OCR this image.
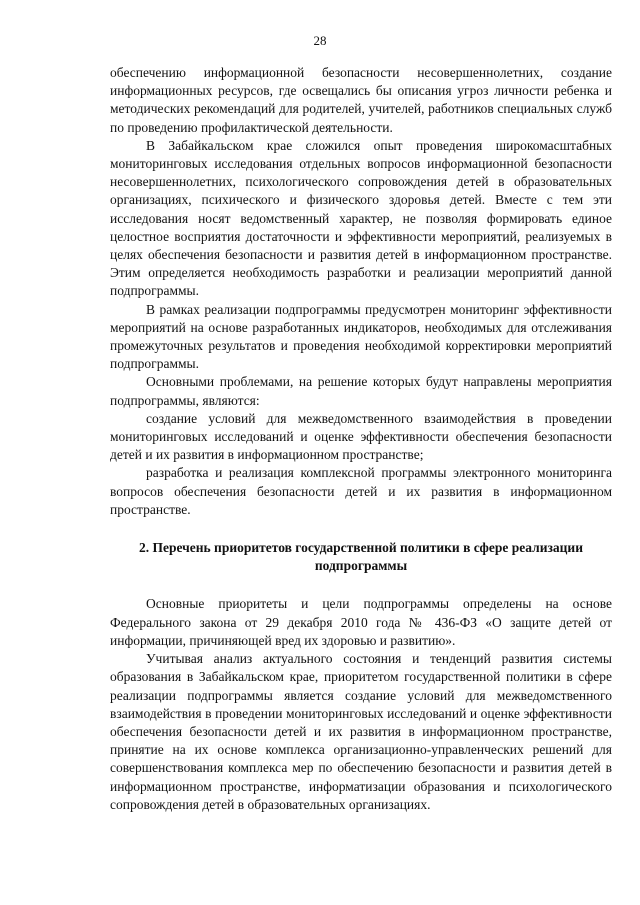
28

обеспечению информационной безопасности несовершеннолетних, создание информационных ресурсов, где освещались бы описания угроз личности ребенка и методических рекомендаций для родителей, учителей, работников специальных служб по проведению профилактической деятельности.

В Забайкальском крае сложился опыт проведения широкомасштабных мониторинговых исследования отдельных вопросов информационной безопасности несовершеннолетних, психологического сопровождения детей в образовательных организациях, психического и физического здоровья детей. Вместе с тем эти исследования носят ведомственный характер, не позволяя формировать единое целостное восприятия достаточности и эффективности мероприятий, реализуемых в целях обеспечения безопасности и развития детей в информационном пространстве. Этим определяется необходимость разработки и реализации мероприятий данной подпрограммы.

В рамках реализации подпрограммы предусмотрен мониторинг эффективности мероприятий на основе разработанных индикаторов, необходимых для отслеживания промежуточных результатов и проведения необходимой корректировки мероприятий подпрограммы.

Основными проблемами, на решение которых будут направлены мероприятия подпрограммы, являются:

создание условий для межведомственного взаимодействия в проведении мониторинговых исследований и оценке эффективности обеспечения безопасности детей и их развития в информационном пространстве;

разработка и реализация комплексной программы электронного мониторинга вопросов обеспечения безопасности детей и их развития в информационном пространстве.

2. Перечень приоритетов государственной политики в сфере реализации подпрограммы

Основные приоритеты и цели подпрограммы определены на основе Федерального закона от 29 декабря 2010 года № 436-ФЗ «О защите детей от информации, причиняющей вред их здоровью и развитию».

Учитывая анализ актуального состояния и тенденций развития системы образования в Забайкальском крае, приоритетом государственной политики в сфере реализации подпрограммы является создание условий для межведомственного взаимодействия в проведении мониторинговых исследований и оценке эффективности обеспечения безопасности детей и их развития в информационном пространстве, принятие на их основе комплекса организационно-управленческих решений для совершенствования комплекса мер по обеспечению безопасности и развития детей в информационном пространстве, информатизации образования и психологического сопровождения детей в образовательных организациях.
